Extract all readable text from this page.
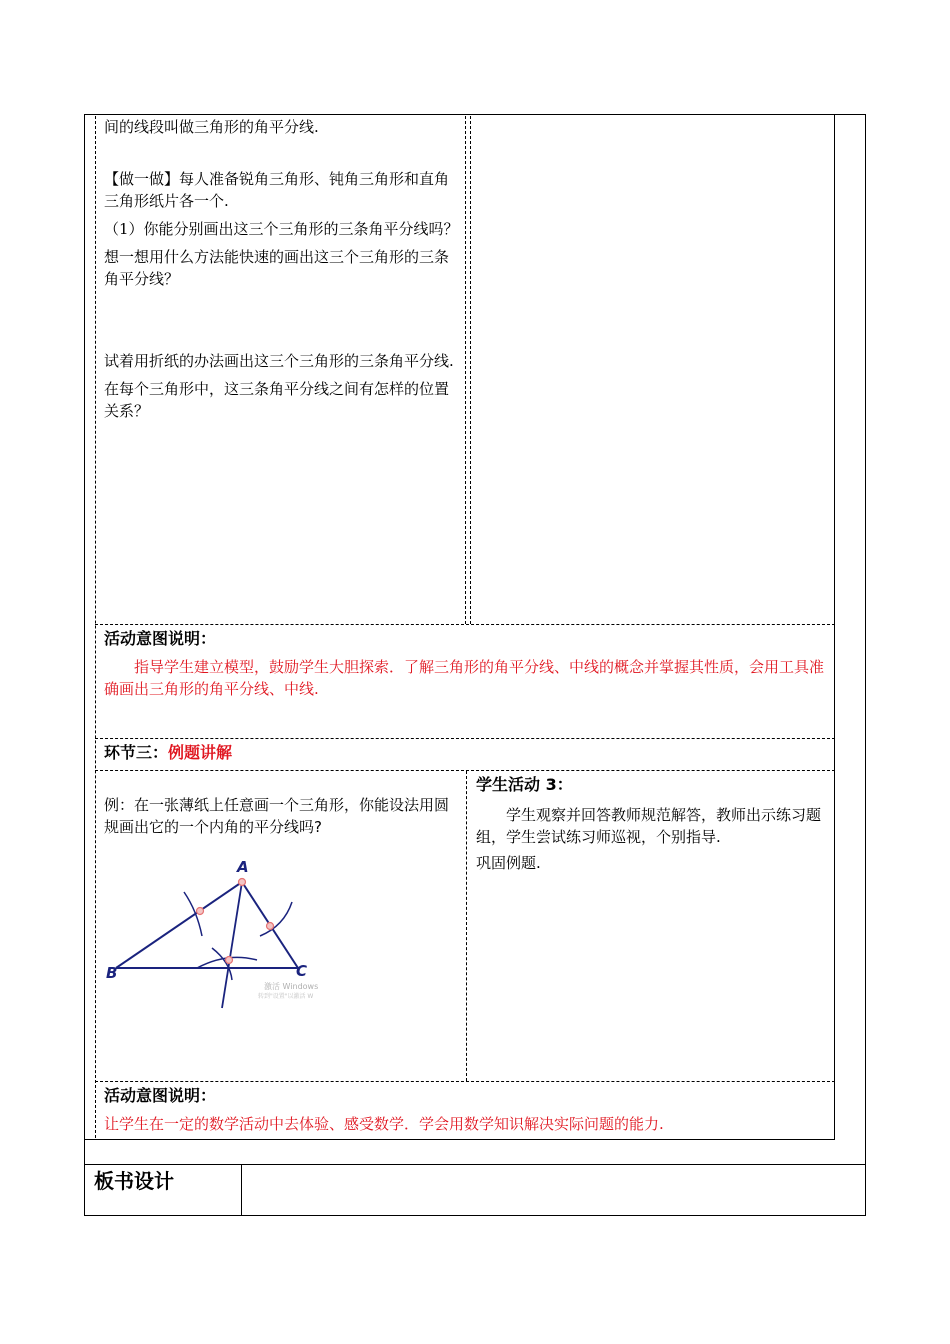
间的线段叫做三角形的角平分线.

【做一做】每人准备锐角三角形、钝角三角形和直角三角形纸片各一个.

（1）你能分别画出这三个三角形的三条角平分线吗？

想一想用什么方法能快速的画出这三个三角形的三条角平分线？

试着用折纸的办法画出这三个三角形的三条角平分线.

在每个三角形中，这三条角平分线之间有怎样的位置关系？

活动意图说明：
指导学生建立模型，鼓励学生大胆探索．了解三角形的角平分线、中线的概念并掌握其性质，会用工具准确画出三角形的角平分线、中线.
环节三：例题讲解
例：在一张薄纸上任意画一个三角形，你能设法用圆规画出它的一个内角的平分线吗?
A
B	C
激活 Windows
转到"设置"以激活 W
学生活动 3：
学生观察并回答教师规范解答，教师出示练习题组，学生尝试练习师巡视，个别指导.
巩固例题.
活动意图说明：
让学生在一定的数学活动中去体验、感受数学．学会用数学知识解决实际问题的能力.
板书设计
